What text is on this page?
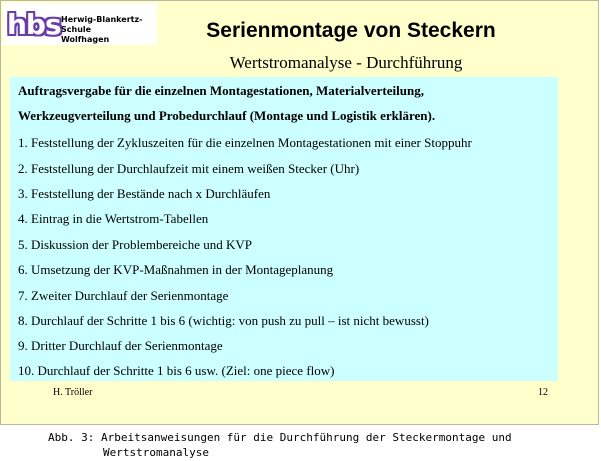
hbs Herwig-Blankertz-Schule
Wolfhagen	Serienmontage von Steckern
Wertstromanalyse - Durchführung
Auftragsvergabe für die einzelnen Montagestationen, Materialverteilung,
Werkzeugverteilung und Probedurchlauf (Montage und Logistik erklären).
1. Feststellung der Zykluszeiten für die einzelnen Montagestationen mit einer Stoppuhr
2. Feststellung der Durchlaufzeit mit einem weißen Stecker (Uhr)
3. Feststellung der Bestände nach x Durchläufen
4. Eintrag in die Wertstrom-Tabellen
5. Diskussion der Problembereiche und KVP
6. Umsetzung der KVP-Maßnahmen in der Montageplanung
7. Zweiter Durchlauf der Serienmontage
8. Durchlauf der Schritte 1 bis 6 (wichtig: von push zu pull – ist nicht bewusst)
9. Dritter Durchlauf der Serienmontage
10. Durchlauf der Schritte 1 bis 6 usw. (Ziel: one piece flow)
H. Tröller	12
Abb. 3: Arbeitsanweisungen für die Durchführung der Steckermontage und
Wertstromanalyse
